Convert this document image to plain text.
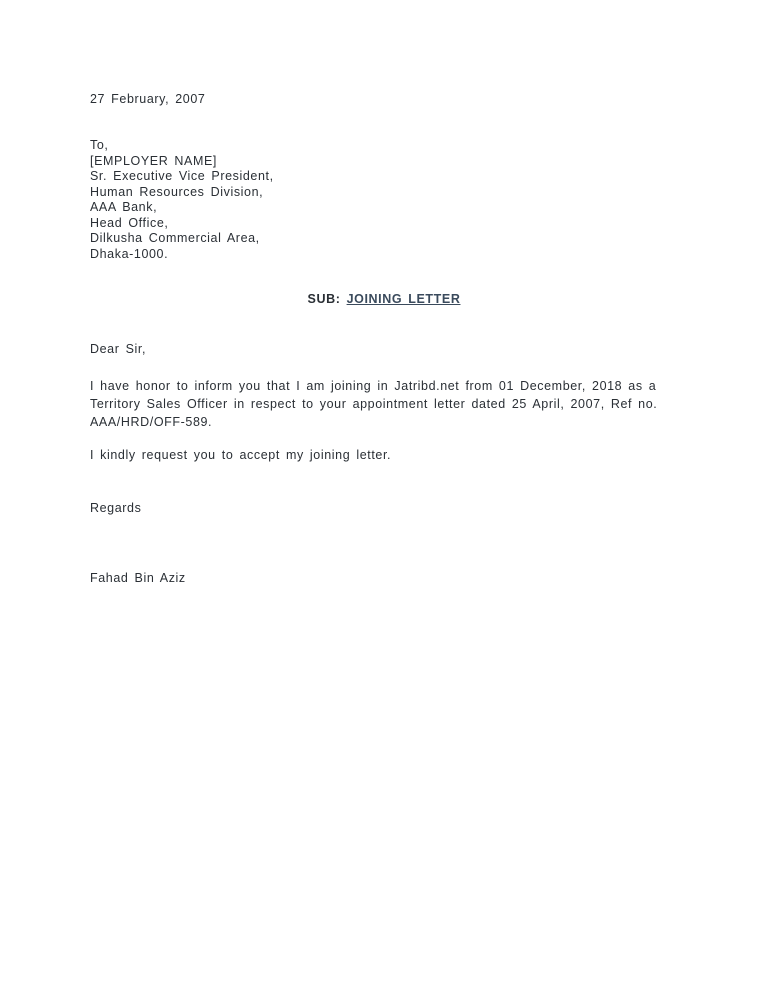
27 February, 2007
To,
[EMPLOYER NAME]
Sr. Executive Vice President,
Human Resources Division,
AAA Bank,
Head Office,
Dilkusha Commercial Area,
Dhaka-1000.
SUB: JOINING LETTER
Dear Sir,
I have honor to inform you that I am joining in Jatribd.net from 01 December, 2018 as a
Territory Sales Officer in respect to your appointment letter dated 25 April, 2007, Ref no.
AAA/HRD/OFF-589.
I kindly request you to accept my joining letter.
Regards
Fahad Bin Aziz
